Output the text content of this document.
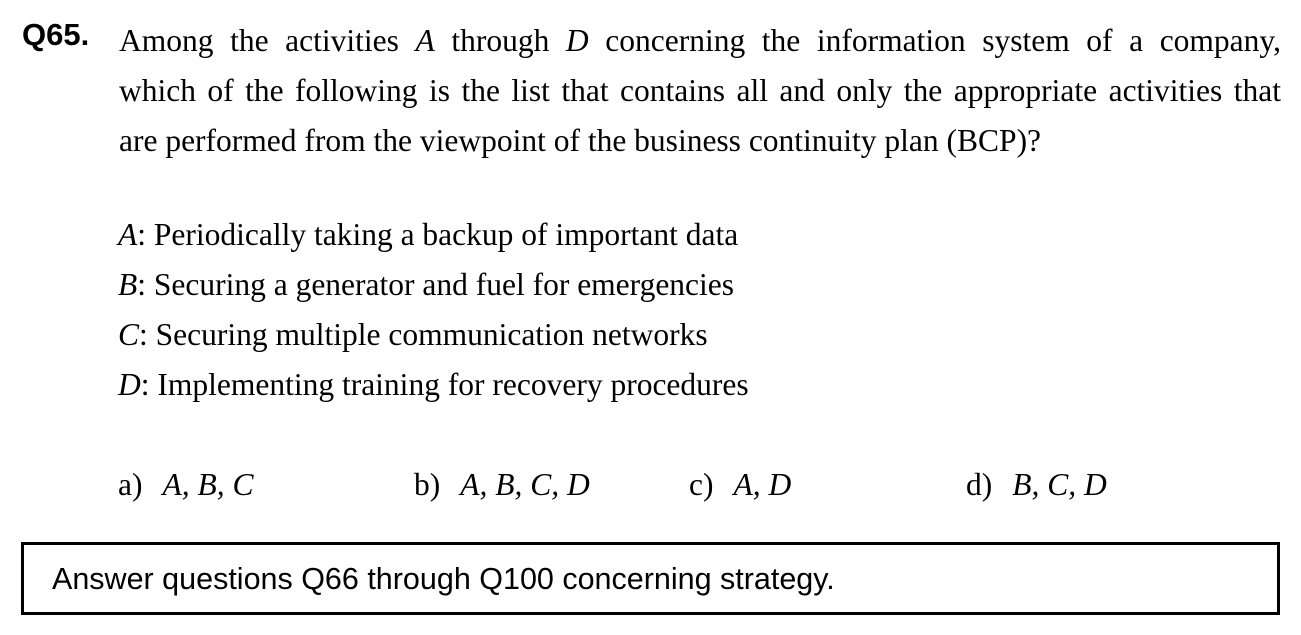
Q65. Among the activities A through D concerning the information system of a company,

which of the following is the list that contains all and only the appropriate activities that

are performed from the viewpoint of the business continuity plan (BCP)?

A: Periodically taking a backup of important data
B: Securing a generator and fuel for emergencies
C: Securing multiple communication networks
D: Implementing training for recovery procedures
a) A, B, C	b) A, B, C, D	c) A, D	d) B, C, D
Answer questions Q66 through Q100 concerning strategy.
